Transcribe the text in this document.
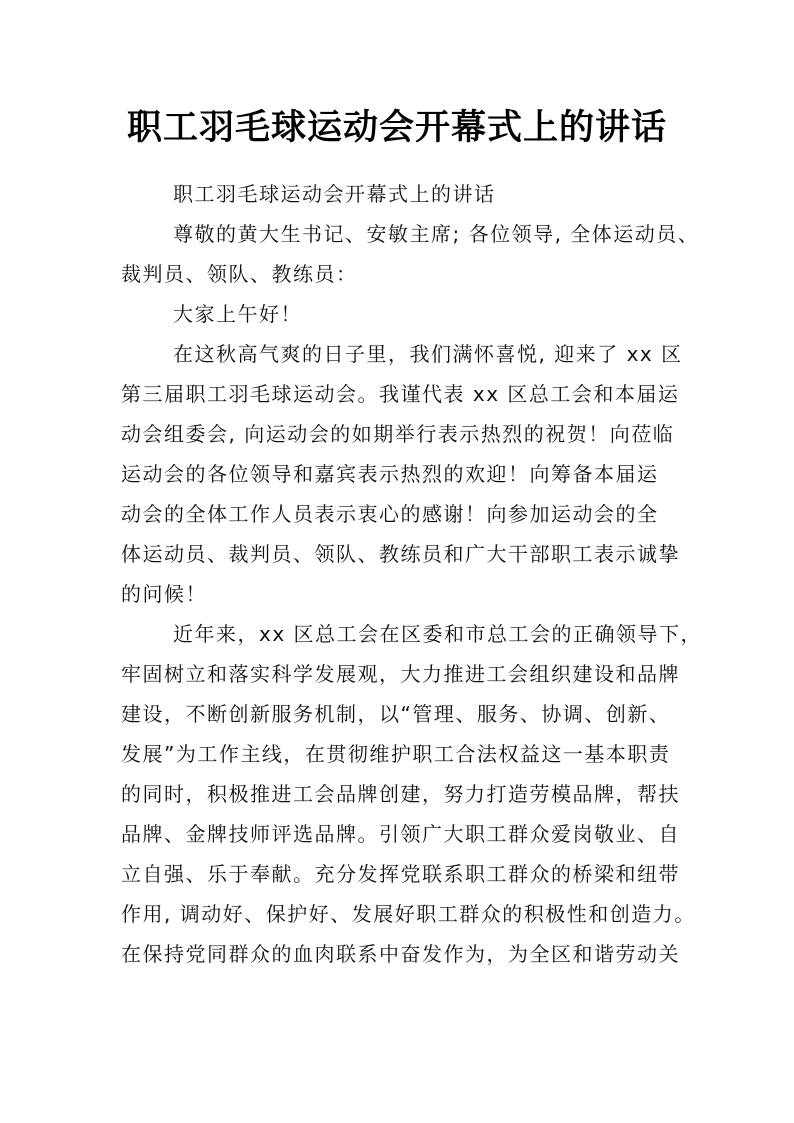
职工羽毛球运动会开幕式上的讲话
职工羽毛球运动会开幕式上的讲话
尊敬的黄大生书记、安敏主席; 各位领导, 全体运动员、
裁判员、领队、教练员：
大家上午好！
在这秋高气爽的日子里，我们满怀喜悦, 迎来了 xx 区
第三届职工羽毛球运动会。我谨代表 xx 区总工会和本届运
动会组委会, 向运动会的如期举行表示热烈的祝贺！向莅临
运动会的各位领导和嘉宾表示热烈的欢迎！向筹备本届运
动会的全体工作人员表示衷心的感谢！向参加运动会的全
体运动员、裁判员、领队、教练员和广大干部职工表示诚挚
的问候！
近年来，xx 区总工会在区委和市总工会的正确领导下，
牢固树立和落实科学发展观，大力推进工会组织建设和品牌
建设，不断创新服务机制，以“管理、服务、协调、创新、
发展”为工作主线，在贯彻维护职工合法权益这一基本职责
的同时，积极推进工会品牌创建，努力打造劳模品牌，帮扶
品牌、金牌技师评选品牌。引领广大职工群众爱岗敬业、自
立自强、乐于奉献。充分发挥党联系职工群众的桥梁和纽带
作用, 调动好、保护好、发展好职工群众的积极性和创造力。
在保持党同群众的血肉联系中奋发作为，为全区和谐劳动关
